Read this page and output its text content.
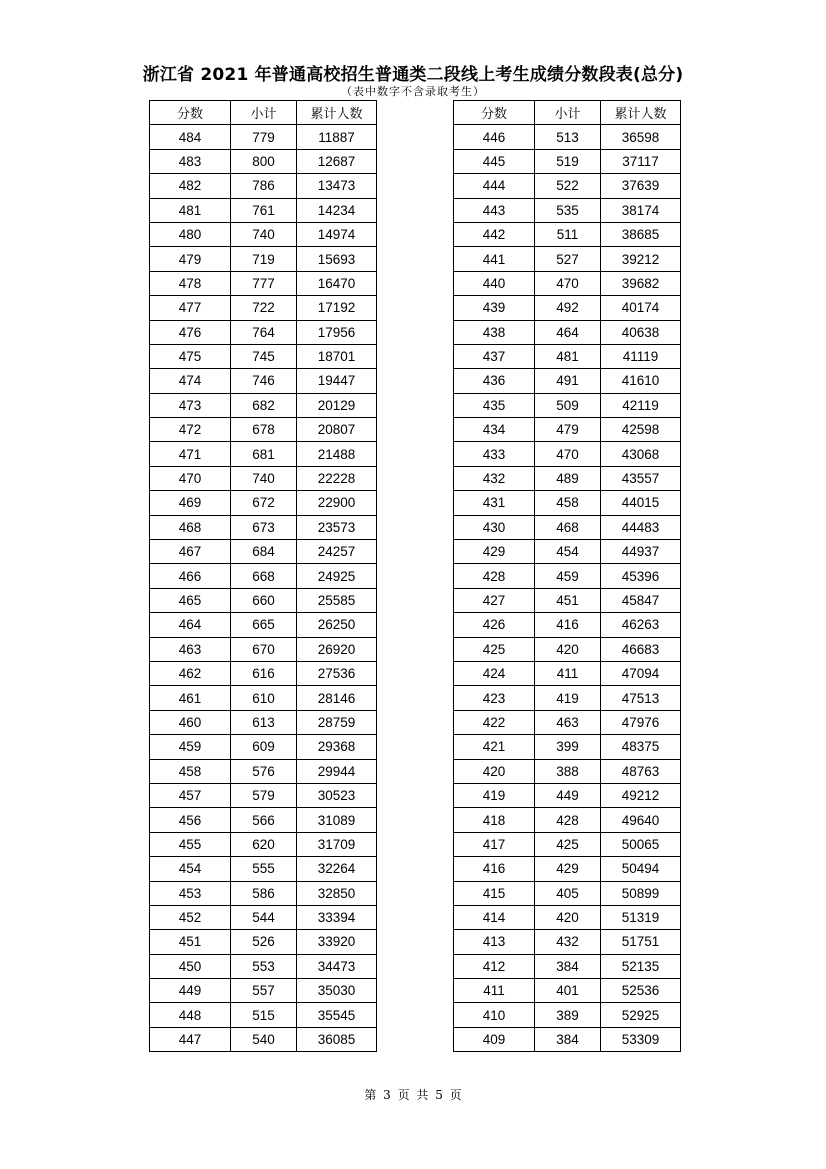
浙江省 2021 年普通高校招生普通类二段线上考生成绩分数段表(总分)
（表中数字不含录取考生）
分数	小计	累计人数
484	779	11887
483	800	12687
482	786	13473
481	761	14234
480	740	14974
479	719	15693
478	777	16470
477	722	17192
476	764	17956
475	745	18701
474	746	19447
473	682	20129
472	678	20807
471	681	21488
470	740	22228
469	672	22900
468	673	23573
467	684	24257
466	668	24925
465	660	25585
464	665	26250
463	670	26920
462	616	27536
461	610	28146
460	613	28759
459	609	29368
458	576	29944
457	579	30523
456	566	31089
455	620	31709
454	555	32264
453	586	32850
452	544	33394
451	526	33920
450	553	34473
449	557	35030
448	515	35545
447	540	36085
分数	小计	累计人数
446	513	36598
445	519	37117
444	522	37639
443	535	38174
442	511	38685
441	527	39212
440	470	39682
439	492	40174
438	464	40638
437	481	41119
436	491	41610
435	509	42119
434	479	42598
433	470	43068
432	489	43557
431	458	44015
430	468	44483
429	454	44937
428	459	45396
427	451	45847
426	416	46263
425	420	46683
424	411	47094
423	419	47513
422	463	47976
421	399	48375
420	388	48763
419	449	49212
418	428	49640
417	425	50065
416	429	50494
415	405	50899
414	420	51319
413	432	51751
412	384	52135
411	401	52536
410	389	52925
409	384	53309
第 3 页 共 5 页
